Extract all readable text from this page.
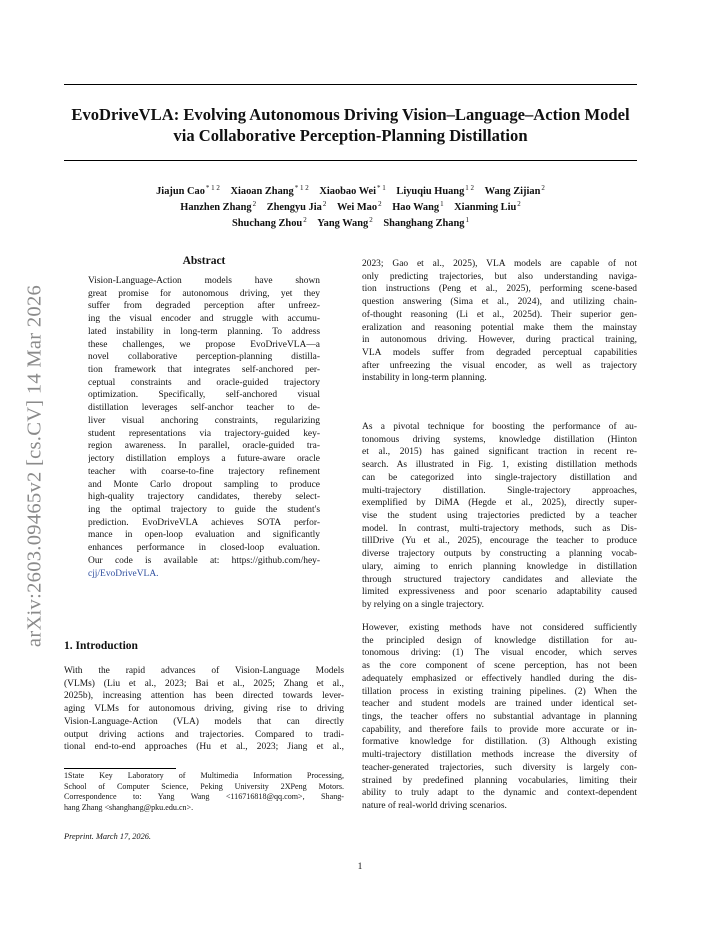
EvoDriveVLA: Evolving Autonomous Driving Vision–Language–Action Model
via Collaborative Perception-Planning Distillation
Jiajun Cao$^{* 1 2}$ Xiaoan Zhang$^{* 1 2}$ Xiaobao Wei$^{* 1}$ Liyuqiu Huang$^{1 2}$ Wang Zijian$^2$
Hanzhen Zhang$^2$ Zhengyu Jia$^2$ Wei Mao$^2$ Hao Wang$^1$ Xianming Liu$^2$
Shuchang Zhou$^2$ Yang Wang$^2$ Shanghang Zhang$^1$
arXiv:2603.09465v2 [cs.CV] 14 Mar 2026
Abstract
Vision-Language-Action models have shown
great promise for autonomous driving, yet they
suffer from degraded perception after unfreez-
ing the visual encoder and struggle with accumu-
lated instability in long-term planning. To address
these challenges, we propose EvoDriveVLA—a
novel collaborative perception-planning distilla-
tion framework that integrates self-anchored per-
ceptual constraints and oracle-guided trajectory
optimization. Specifically, self-anchored visual
distillation leverages self-anchor teacher to de-
liver visual anchoring constraints, regularizing
student representations via trajectory-guided key-
region awareness. In parallel, oracle-guided tra-
jectory distillation employs a future-aware oracle
teacher with coarse-to-fine trajectory refinement
and Monte Carlo dropout sampling to produce
high-quality trajectory candidates, thereby select-
ing the optimal trajectory to guide the student's
prediction. EvoDriveVLA achieves SOTA perfor-
mance in open-loop evaluation and significantly
enhances performance in closed-loop evaluation.
Our code is available at: https://github.com/hey-
cjj/EvoDriveVLA.
1. Introduction
With the rapid advances of Vision-Language Models
(VLMs) (Liu et al., 2023; Bai et al., 2025; Zhang et al.,
2025b), increasing attention has been directed towards lever-
aging VLMs for autonomous driving, giving rise to driving
Vision-Language-Action (VLA) models that can directly
output driving actions and trajectories. Compared to tradi-
tional end-to-end approaches (Hu et al., 2023; Jiang et al.,
1State Key Laboratory of Multimedia Information Processing,
School of Computer Science, Peking University 2XPeng Motors.
Correspondence to: Yang Wang <116716818@qq.com>, Shang-
hang Zhang <shanghang@pku.edu.cn>.
Preprint. March 17, 2026.
2023; Gao et al., 2025), VLA models are capable of not
only predicting trajectories, but also understanding naviga-
tion instructions (Peng et al., 2025), performing scene-based
question answering (Sima et al., 2024), and utilizing chain-
of-thought reasoning (Li et al., 2025d). Their superior gen-
eralization and reasoning potential make them the mainstay
in autonomous driving. However, during practical training,
VLA models suffer from degraded perceptual capabilities
after unfreezing the visual encoder, as well as trajectory
instability in long-term planning.
As a pivotal technique for boosting the performance of au-
tonomous driving systems, knowledge distillation (Hinton
et al., 2015) has gained significant traction in recent re-
search. As illustrated in Fig. 1, existing distillation methods
can be categorized into single-trajectory distillation and
multi-trajectory distillation. Single-trajectory approaches,
exemplified by DiMA (Hegde et al., 2025), directly super-
vise the student using trajectories predicted by a teacher
model. In contrast, multi-trajectory methods, such as Dis-
tillDrive (Yu et al., 2025), encourage the teacher to produce
diverse trajectory outputs by constructing a planning vocab-
ulary, aiming to enrich planning knowledge in distillation
through structured trajectory candidates and alleviate the
limited expressiveness and poor scenario adaptability caused
by relying on a single trajectory.
However, existing methods have not considered sufficiently
the principled design of knowledge distillation for au-
tonomous driving: (1) The visual encoder, which serves
as the core component of scene perception, has not been
adequately emphasized or effectively handled during the dis-
tillation process in existing training pipelines. (2) When the
teacher and student models are trained under identical set-
tings, the teacher offers no substantial advantage in planning
capability, and therefore fails to provide more accurate or in-
formative knowledge for distillation. (3) Although existing
multi-trajectory distillation methods increase the diversity of
teacher-generated trajectories, such diversity is largely con-
strained by predefined planning vocabularies, limiting their
ability to truly adapt to the dynamic and context-dependent
nature of real-world driving scenarios.
1
